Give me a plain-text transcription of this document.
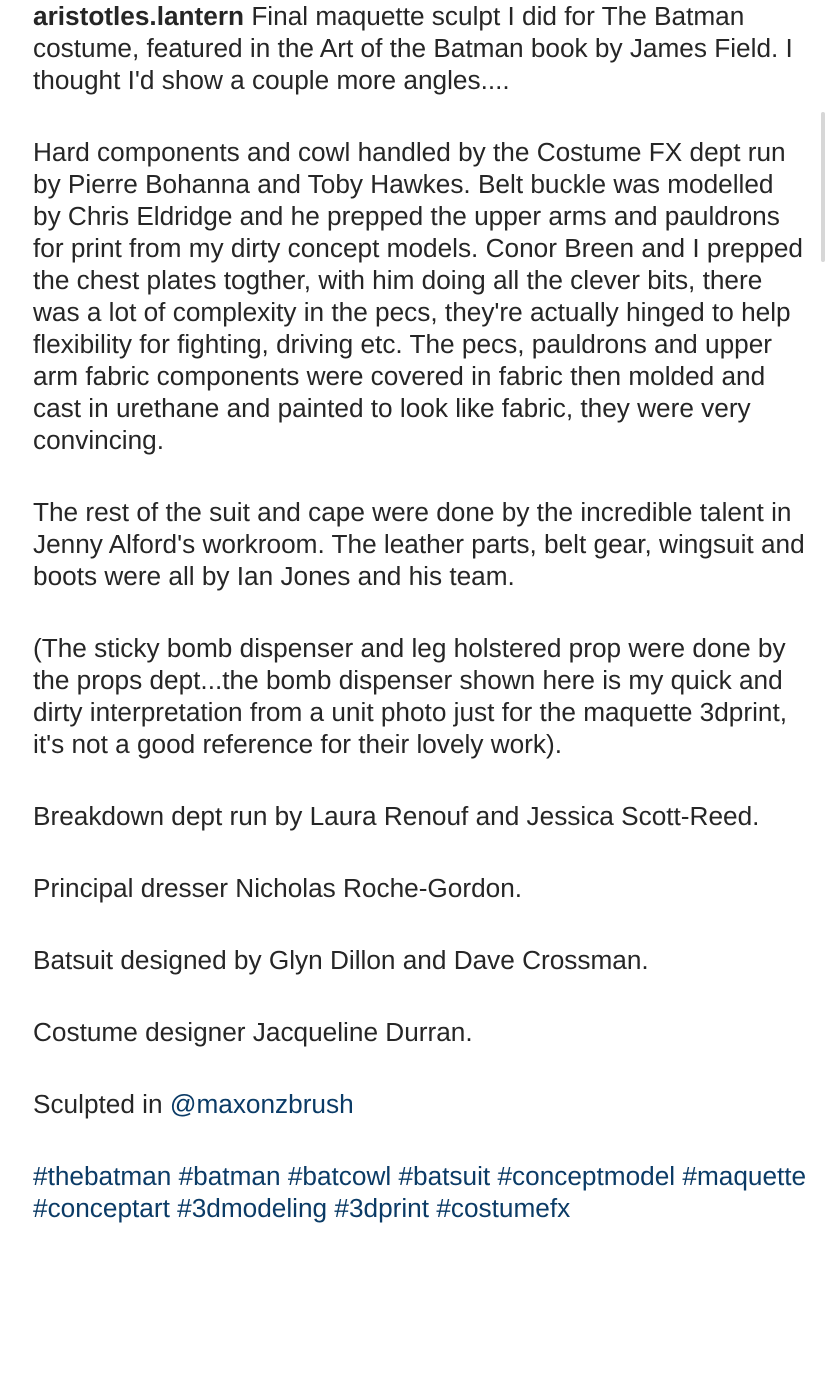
aristotles.lantern Final maquette sculpt I did for The Batman costume, featured in the Art of the Batman book by James Field. I thought I'd show a couple more angles....

Hard components and cowl handled by the Costume FX dept run by Pierre Bohanna and Toby Hawkes. Belt buckle was modelled by Chris Eldridge and he prepped the upper arms and pauldrons for print from my dirty concept models. Conor Breen and I prepped the chest plates togther, with him doing all the clever bits, there was a lot of complexity in the pecs, they're actually hinged to help flexibility for fighting, driving etc. The pecs, pauldrons and upper arm fabric components were covered in fabric then molded and cast in urethane and painted to look like fabric, they were very convincing.

The rest of the suit and cape were done by the incredible talent in Jenny Alford's workroom. The leather parts, belt gear, wingsuit and boots were all by Ian Jones and his team.

(The sticky bomb dispenser and leg holstered prop were done by the props dept...the bomb dispenser shown here is my quick and dirty interpretation from a unit photo just for the maquette 3dprint, it's not a good reference for their lovely work).

Breakdown dept run by Laura Renouf and Jessica Scott-Reed.

Principal dresser Nicholas Roche-Gordon.

Batsuit designed by Glyn Dillon and Dave Crossman.

Costume designer Jacqueline Durran.

Sculpted in @maxonzbrush

#thebatman #batman #batcowl #batsuit #conceptmodel #maquette #conceptart #3dmodeling #3dprint #costumefx
